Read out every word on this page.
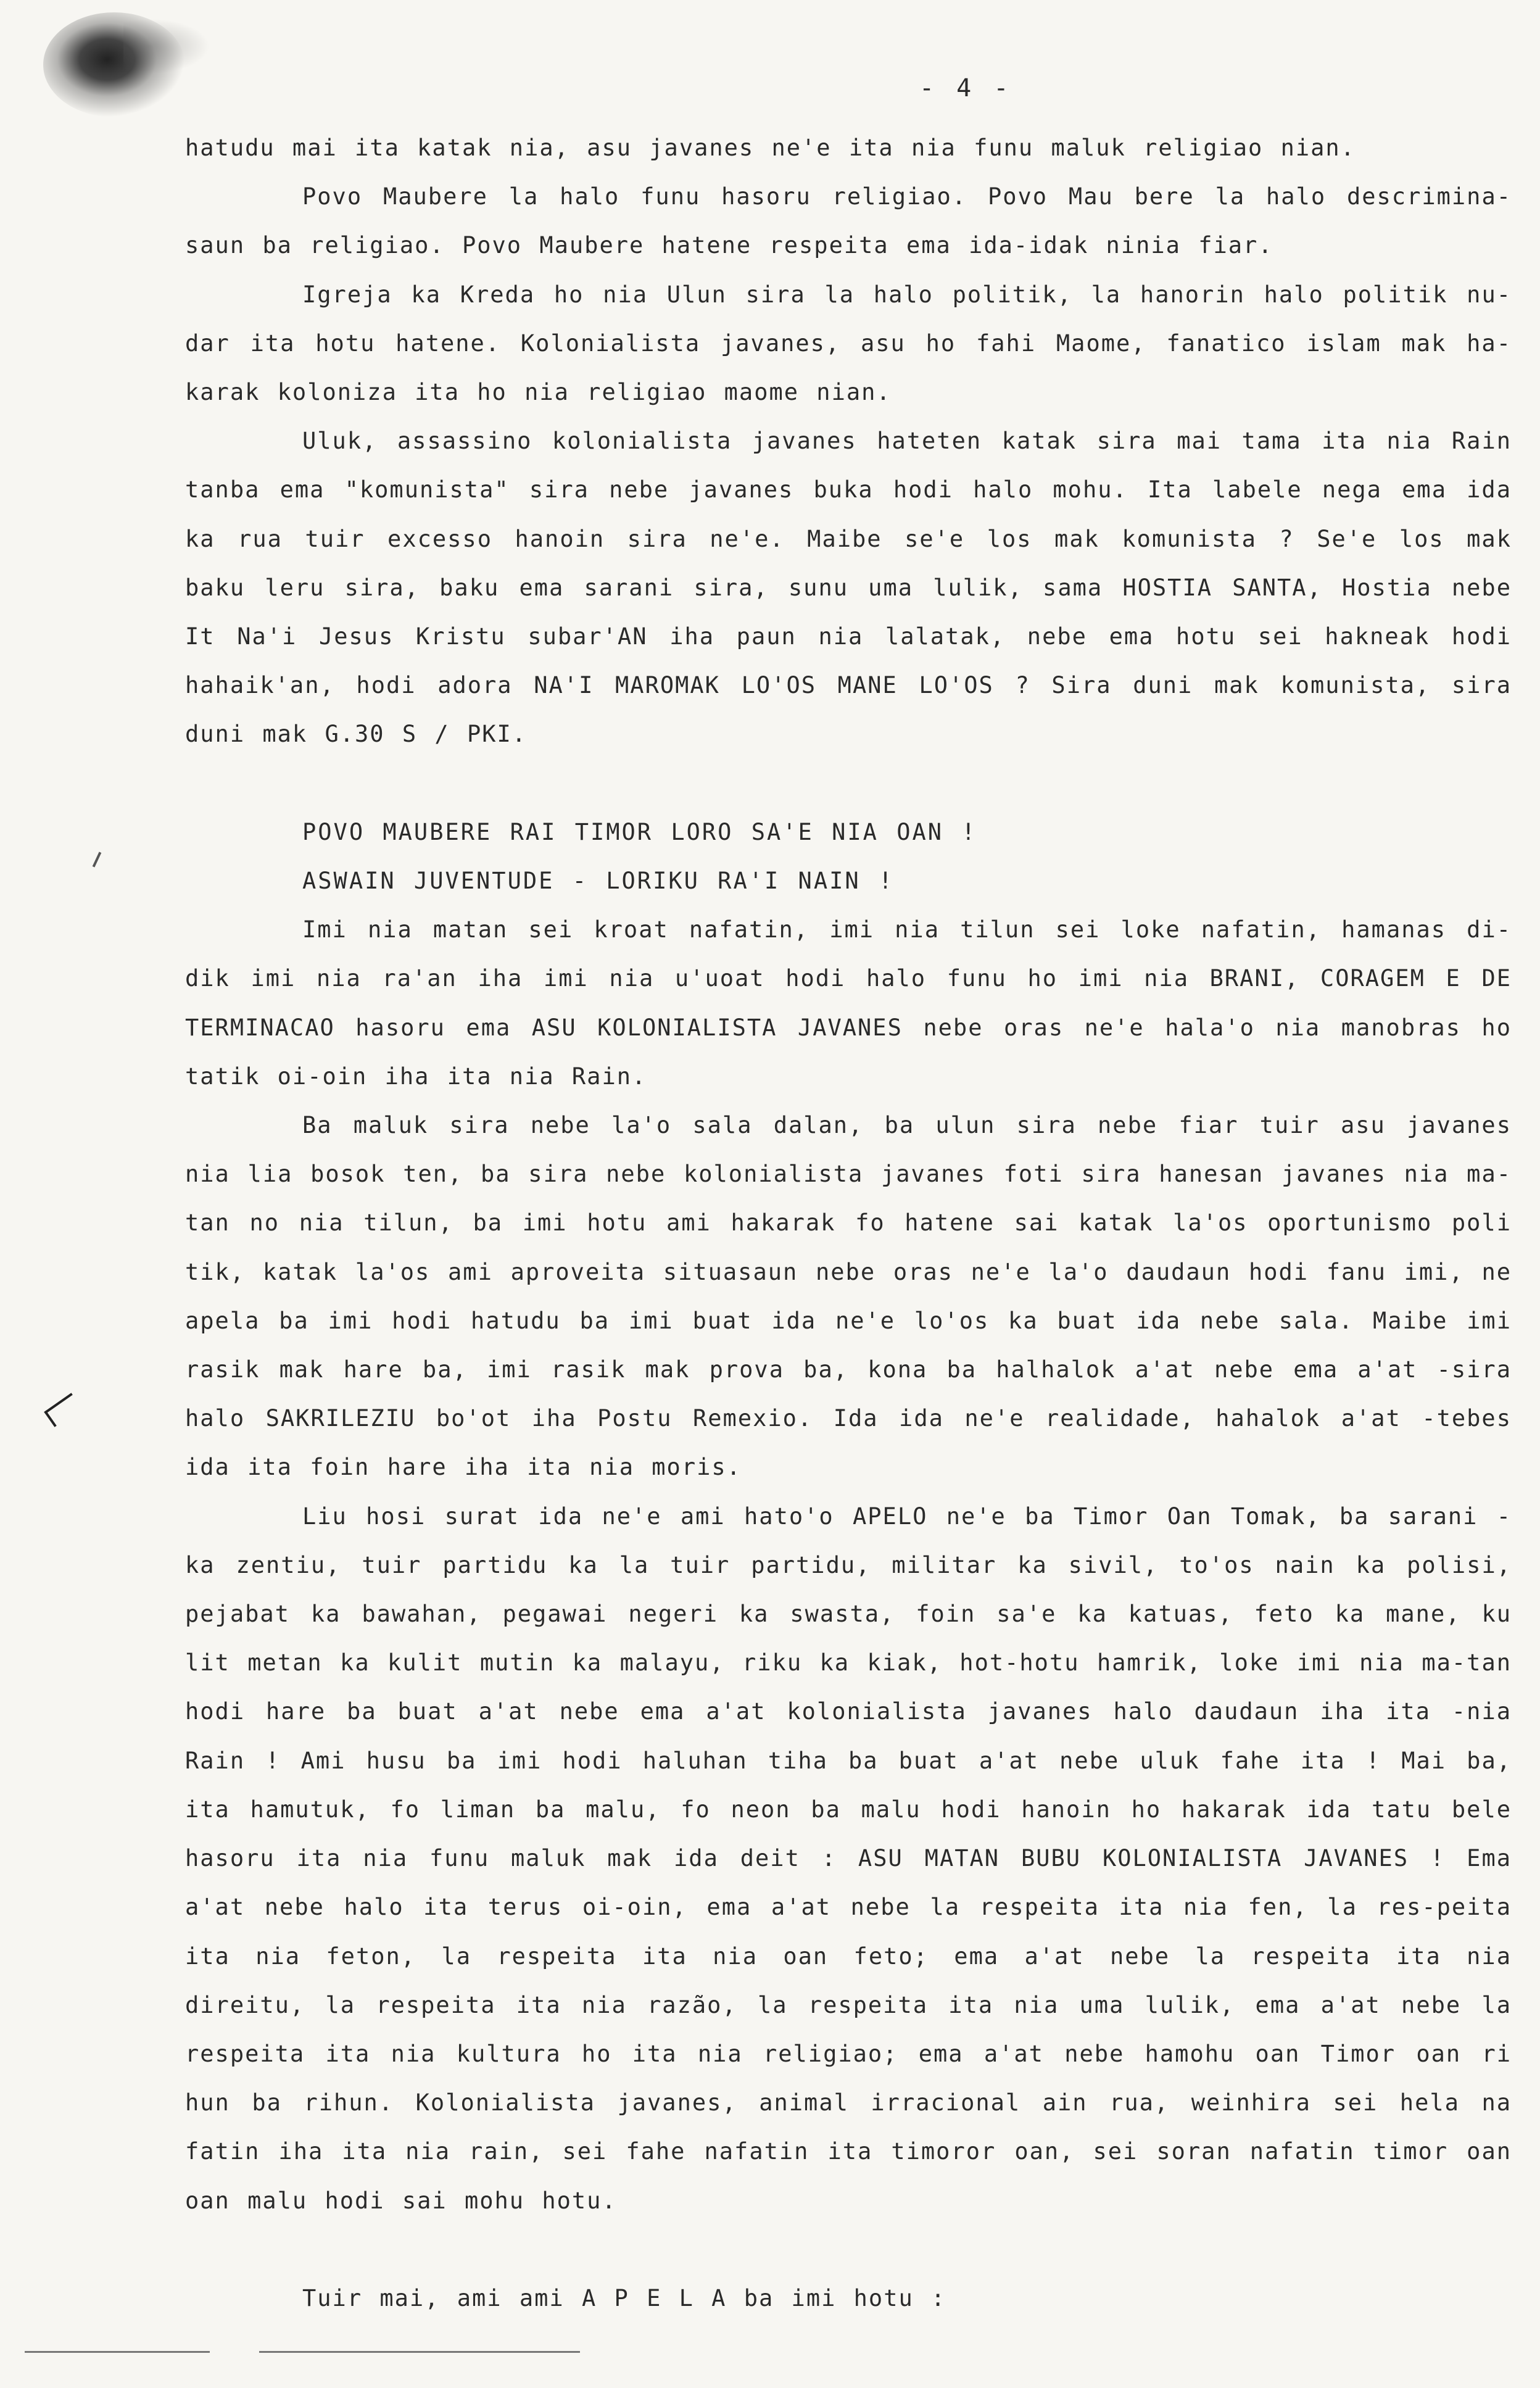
- 4 -

hatudu mai ita katak nia, asu javanes ne'e ita nia funu maluk religiao nian.

Povo Maubere la halo funu hasoru religiao. Povo Mau bere la halo descrimina-saun ba religiao. Povo Maubere hatene respeita ema ida-idak ninia fiar.

Igreja ka Kreda ho nia Ulun sira la halo politik, la hanorin halo politik nu-dar ita hotu hatene. Kolonialista javanes, asu ho fahi Maome, fanatico islam mak ha-karak koloniza ita ho nia religiao maome nian.

Uluk, assassino kolonialista javanes hateten katak sira mai tama ita nia Rain tanba ema "komunista" sira nebe javanes buka hodi halo mohu. Ita labele nega ema ida ka rua tuir excesso hanoin sira ne'e. Maibe se'e los mak komunista ? Se'e los mak baku leru sira, baku ema sarani sira, sunu uma lulik, sama HOSTIA SANTA, Hostia nebe It Na'i Jesus Kristu subar'AN iha paun nia lalatak, nebe ema hotu sei hakneak hodi hahaik'an, hodi adora NA'I MAROMAK LO'OS MANE LO'OS ? Sira duni mak komunista, sira duni mak G.30 S / PKI.

POVO MAUBERE RAI TIMOR LORO SA'E NIA OAN !

ASWAIN JUVENTUDE - LORIKU RA'I NAIN !

Imi nia matan sei kroat nafatin, imi nia tilun sei loke nafatin, hamanas di-dik imi nia ra'an iha imi nia u'uoat hodi halo funu ho imi nia BRANI, CORAGEM E DE TERMINACAO hasoru ema ASU KOLONIALISTA JAVANES nebe oras ne'e hala'o nia manobras ho tatik oi-oin iha ita nia Rain.

Ba maluk sira nebe la'o sala dalan, ba ulun sira nebe fiar tuir asu javanes nia lia bosok ten, ba sira nebe kolonialista javanes foti sira hanesan javanes nia ma-tan no nia tilun, ba imi hotu ami hakarak fo hatene sai katak la'os oportunismo poli tik, katak la'os ami aproveita situasaun nebe oras ne'e la'o daudaun hodi fanu imi, ne apela ba imi hodi hatudu ba imi buat ida ne'e lo'os ka buat ida nebe sala. Maibe imi rasik mak hare ba, imi rasik mak prova ba, kona ba halhalok a'at nebe ema a'at -sira halo SAKRILEZIU bo'ot iha Postu Remexio. Ida ida ne'e realidade, hahalok a'at -tebes ida ita foin hare iha ita nia moris.

Liu hosi surat ida ne'e ami hato'o APELO ne'e ba Timor Oan Tomak, ba sarani -ka zentiu, tuir partidu ka la tuir partidu, militar ka sivil, to'os nain ka polisi, pejabat ka bawahan, pegawai negeri ka swasta, foin sa'e ka katuas, feto ka mane, ku lit metan ka kulit mutin ka malayu, riku ka kiak, hot-hotu hamrik, loke imi nia ma-tan hodi hare ba buat a'at nebe ema a'at kolonialista javanes halo daudaun iha ita -nia Rain ! Ami husu ba imi hodi haluhan tiha ba buat a'at nebe uluk fahe ita ! Mai ba, ita hamutuk, fo liman ba malu, fo neon ba malu hodi hanoin ho hakarak ida tatu bele hasoru ita nia funu maluk mak ida deit : ASU MATAN BUBU KOLONIALISTA JAVANES ! Ema a'at nebe halo ita terus oi-oin, ema a'at nebe la respeita ita nia fen, la res-peita ita nia feton, la respeita ita nia oan feto; ema a'at nebe la respeita ita nia direitu, la respeita ita nia razão, la respeita ita nia uma lulik, ema a'at nebe la respeita ita nia kultura ho ita nia religiao; ema a'at nebe hamohu oan Timor oan ri hun ba rihun. Kolonialista javanes, animal irracional ain rua, weinhira sei hela na fatin iha ita nia rain, sei fahe nafatin ita timoror oan, sei soran nafatin timor oan oan malu hodi sai mohu hotu.

Tuir mai, ami ami A P E L A ba imi hotu :
